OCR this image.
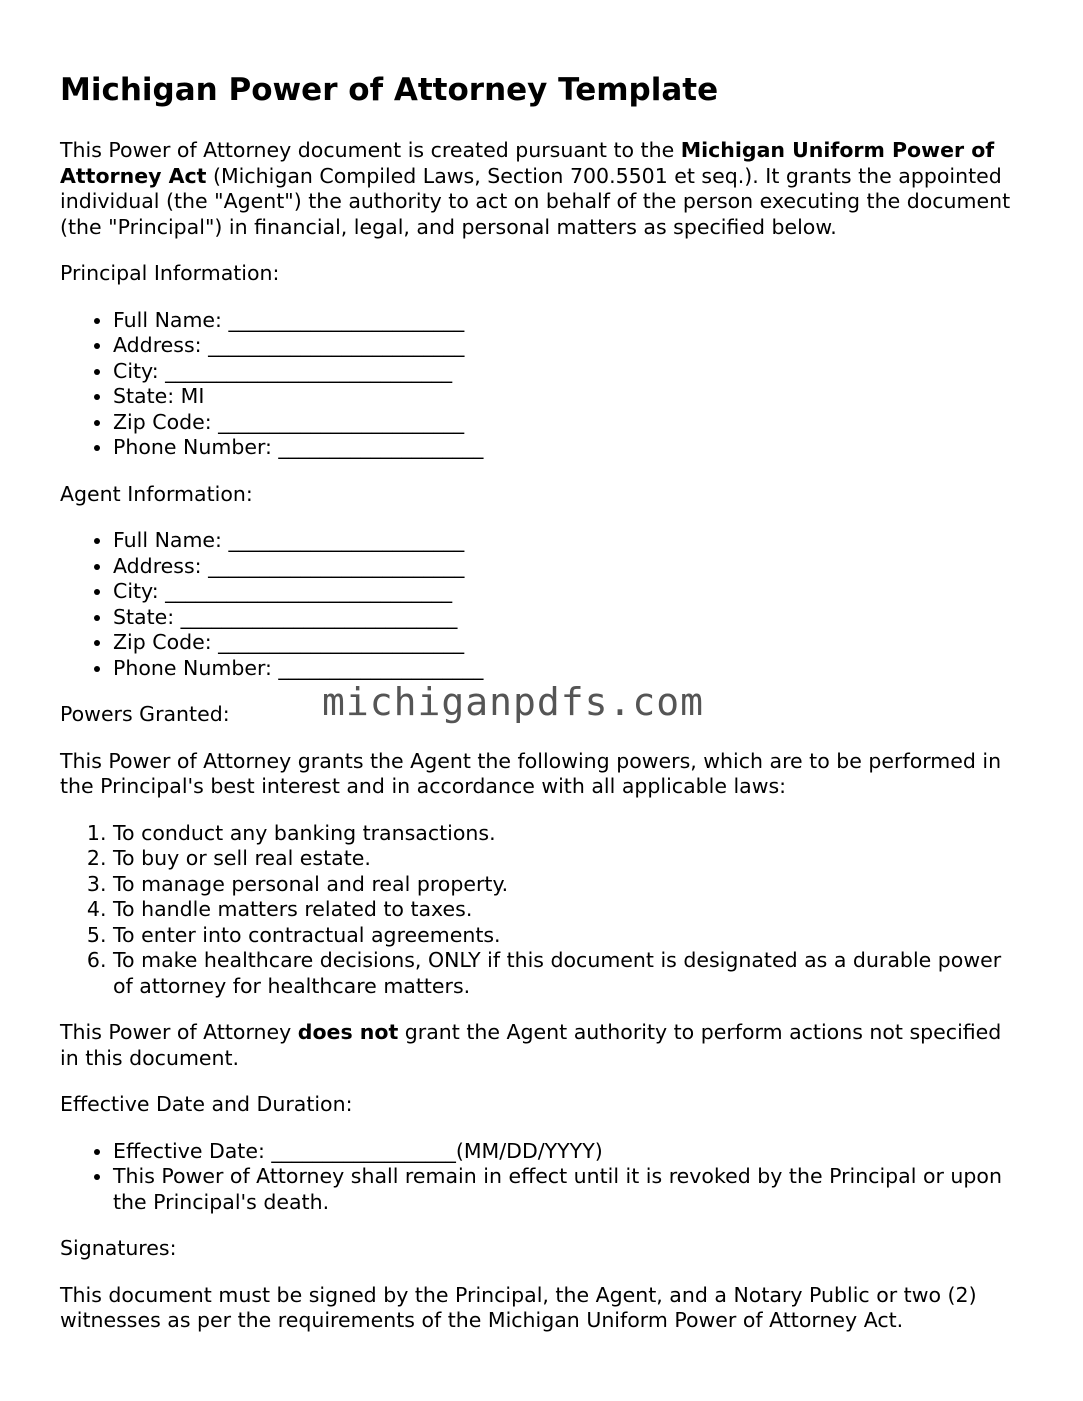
Michigan Power of Attorney Template

This Power of Attorney document is created pursuant to the Michigan Uniform Power of Attorney Act (Michigan Compiled Laws, Section 700.5501 et seq.). It grants the appointed individual (the "Agent") the authority to act on behalf of the person executing the document (the "Principal") in financial, legal, and personal matters as specified below.

Principal Information:

• Full Name: _______________________
• Address: _________________________
• City: ____________________________
• State: MI
• Zip Code: ________________________
• Phone Number: ____________________

Agent Information:

• Full Name: _______________________
• Address: _________________________
• City: ____________________________
• State: ___________________________
• Zip Code: ________________________
• Phone Number: ____________________

Powers Granted:

This Power of Attorney grants the Agent the following powers, which are to be performed in the Principal's best interest and in accordance with all applicable laws:

1. To conduct any banking transactions.
2. To buy or sell real estate.
3. To manage personal and real property.
4. To handle matters related to taxes.
5. To enter into contractual agreements.
6. To make healthcare decisions, ONLY if this document is designated as a durable power of attorney for healthcare matters.

This Power of Attorney does not grant the Agent authority to perform actions not specified in this document.

Effective Date and Duration:

• Effective Date: __________________(MM/DD/YYYY)
• This Power of Attorney shall remain in effect until it is revoked by the Principal or upon the Principal's death.

Signatures:

This document must be signed by the Principal, the Agent, and a Notary Public or two (2) witnesses as per the requirements of the Michigan Uniform Power of Attorney Act.

michiganpdfs.com
